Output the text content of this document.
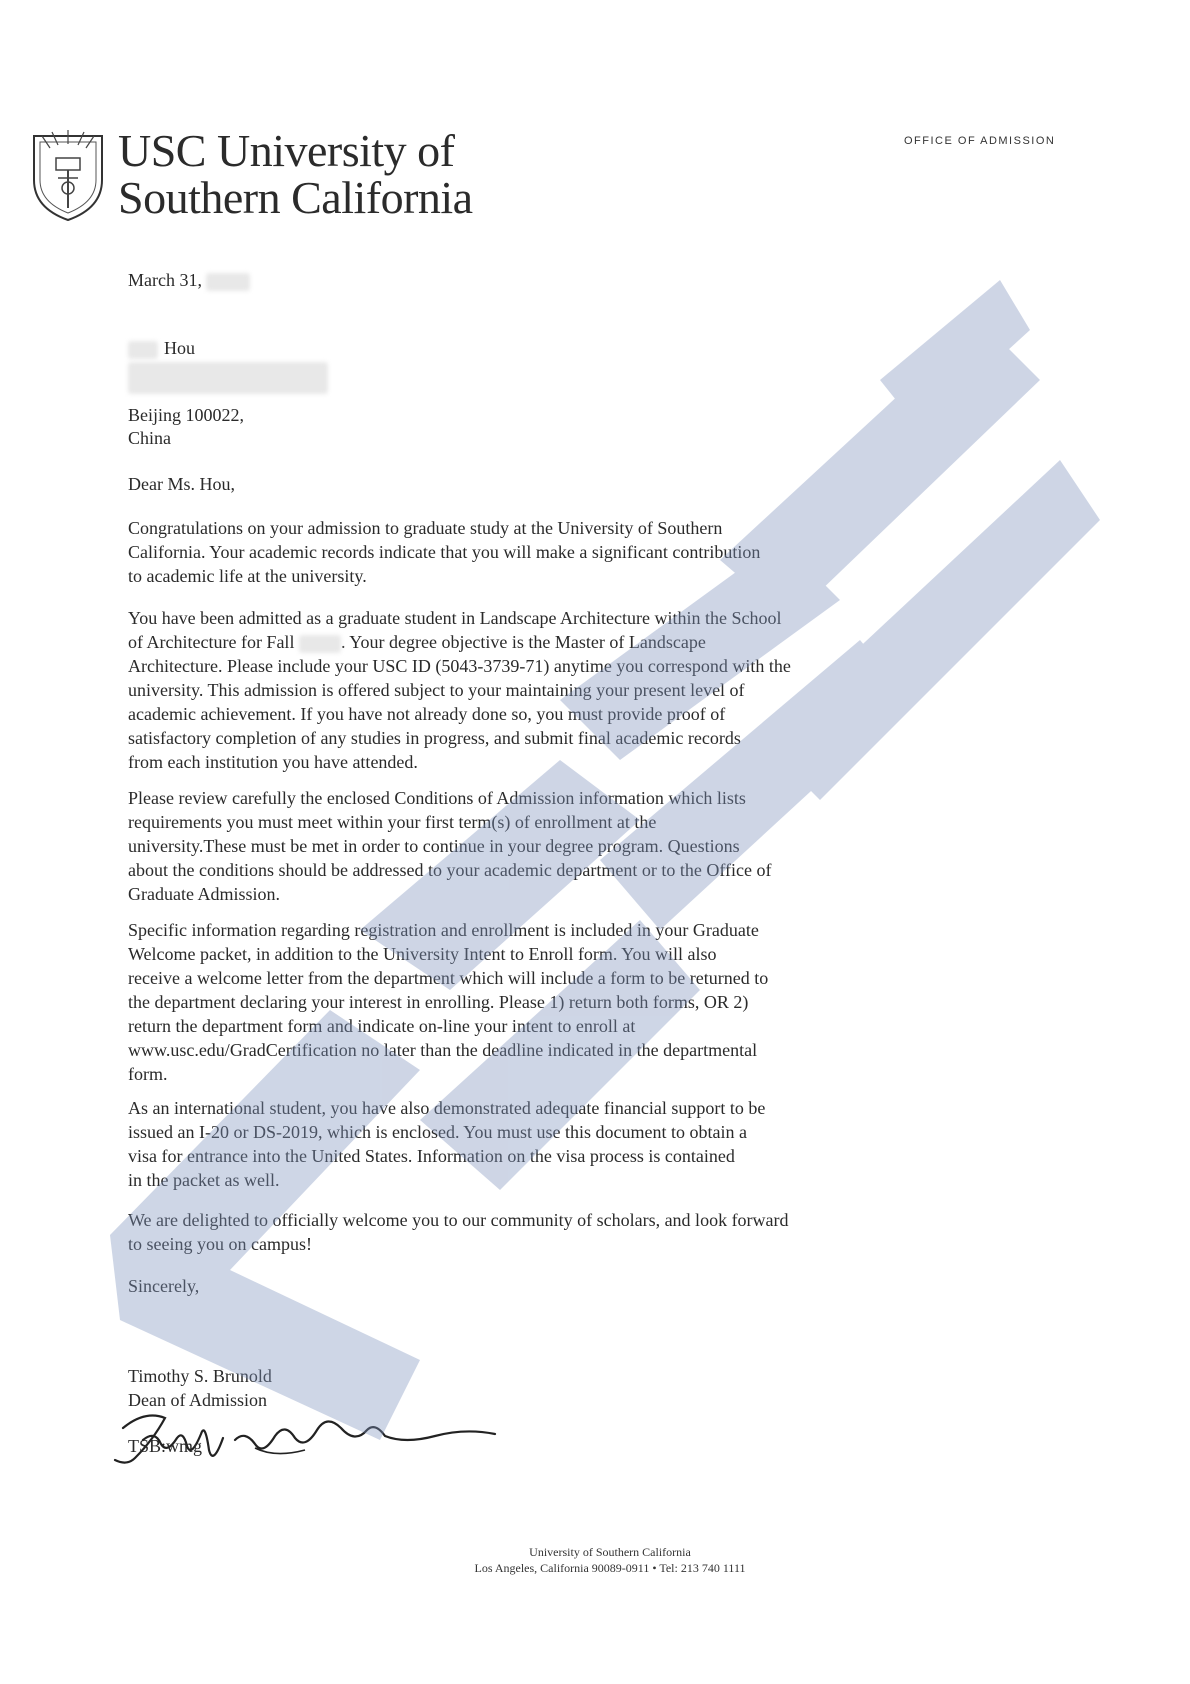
USC University of
Southern California
OFFICE OF ADMISSION
March 31,
Hou
Beijing 100022,
China
Dear Ms. Hou,
Congratulations on your admission to graduate study at the University of Southern
California. Your academic records indicate that you will make a significant contribution
to academic life at the university.
You have been admitted as a graduate student in Landscape Architecture within the School
of Architecture for Fall	. Your degree objective is the Master of Landscape
Architecture. Please include your USC ID (5043-3739-71) anytime you correspond with the
university. This admission is offered subject to your maintaining your present level of
academic achievement. If you have not already done so, you must provide proof of
satisfactory completion of any studies in progress, and submit final academic records
from each institution you have attended.
Please review carefully the enclosed Conditions of Admission information which lists
requirements you must meet within your first term(s) of enrollment at the
university.These must be met in order to continue in your degree program. Questions
about the conditions should be addressed to your academic department or to the Office of
Graduate Admission.
Specific information regarding registration and enrollment is included in your Graduate
Welcome packet, in addition to the University Intent to Enroll form. You will also
receive a welcome letter from the department which will include a form to be returned to
the department declaring your interest in enrolling. Please 1) return both forms, OR 2)
return the department form and indicate on-line your intent to enroll at
www.usc.edu/GradCertification no later than the deadline indicated in the departmental
form.
As an international student, you have also demonstrated adequate financial support to be
issued an I-20 or DS-2019, which is enclosed. You must use this document to obtain a
visa for entrance into the United States. Information on the visa process is contained
in the packet as well.
We are delighted to officially welcome you to our community of scholars, and look forward
to seeing you on campus!
Sincerely,
Timothy S. Brunold
Dean of Admission
TSB:wmg
University of Southern California
Los Angeles, California 90089-0911 • Tel: 213 740 1111
